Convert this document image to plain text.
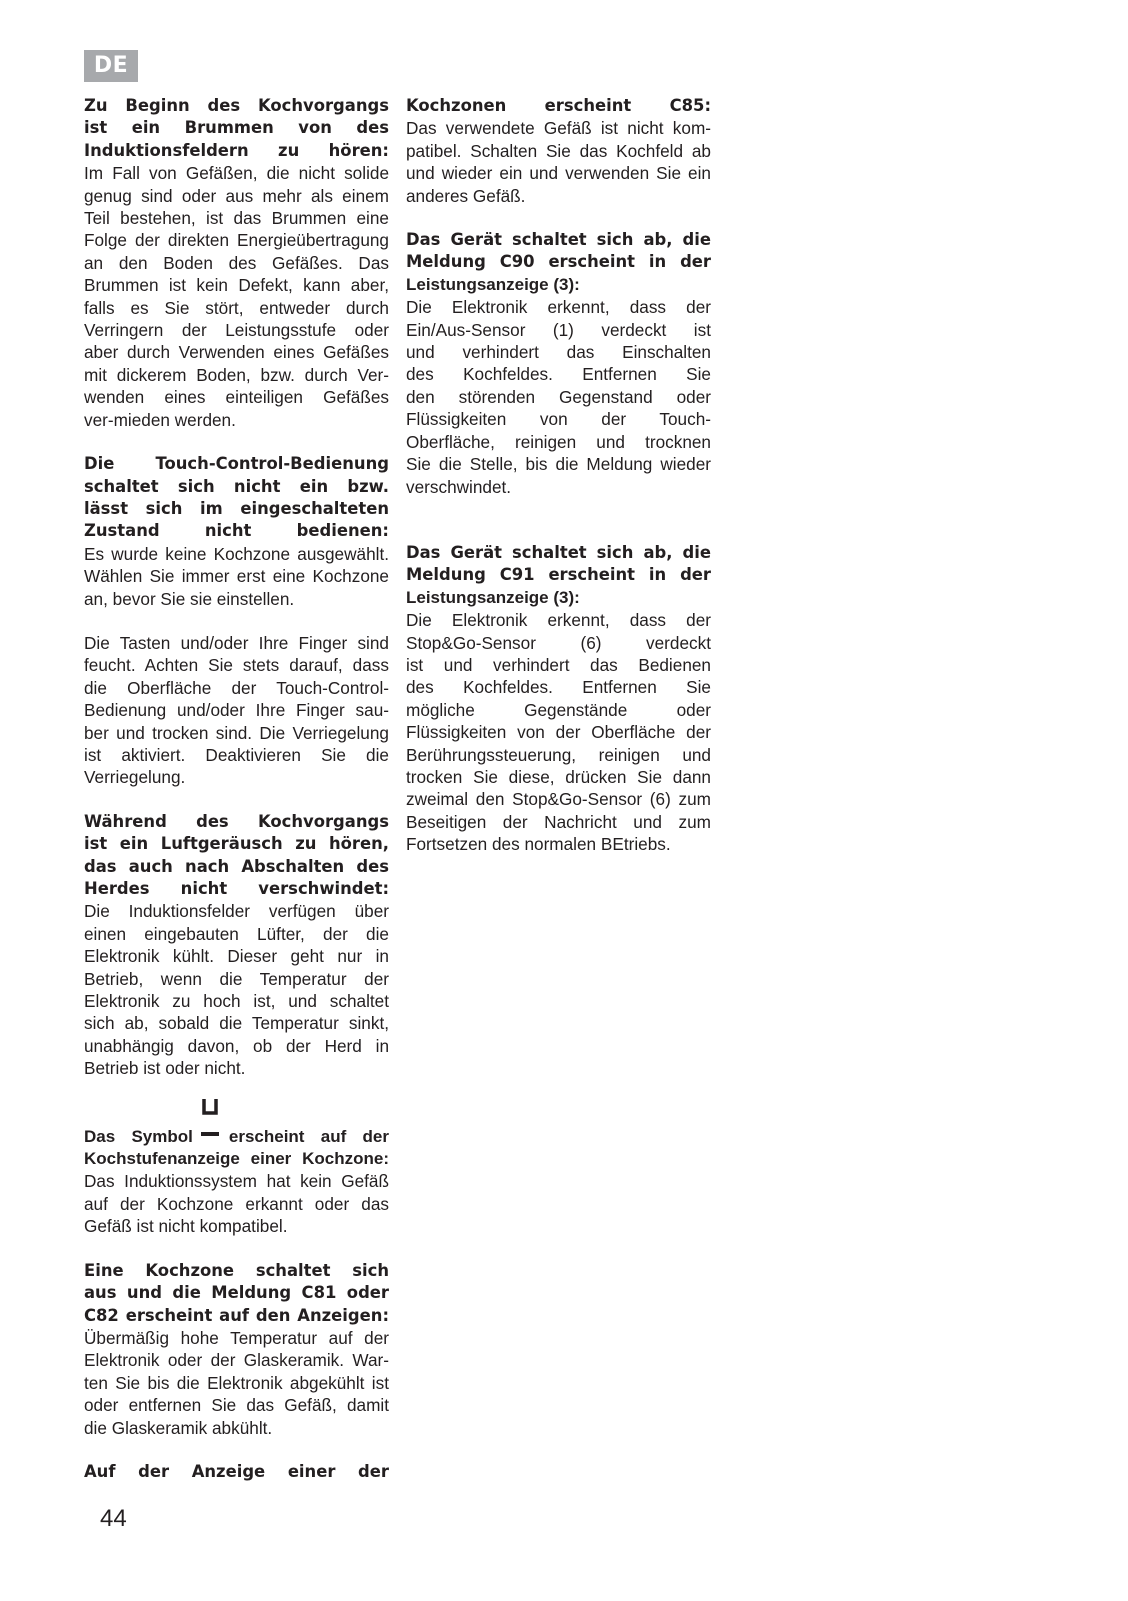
DE
Zu Beginn des Kochvorgangs
ist ein Brummen von des
Induktionsfeldern zu hören:
Im Fall von Gefäßen, die nicht solide
genug sind oder aus mehr als einem
Teil bestehen, ist das Brummen eine
Folge der direkten Energieübertragung
an den Boden des Gefäßes. Das
Brummen ist kein Defekt, kann aber,
falls es Sie stört, entweder durch
Verringern der Leistungsstufe oder
aber durch Verwenden eines Gefäßes
mit dickerem Boden, bzw. durch Ver-
wenden eines einteiligen Gefäßes
ver-mieden werden.
Die Touch-Control-Bedienung
schaltet sich nicht ein bzw.
lässt sich im eingeschalteten
Zustand nicht bedienen:
Es wurde keine Kochzone ausgewählt.
Wählen Sie immer erst eine Kochzone
an, bevor Sie sie einstellen.
Die Tasten und/oder Ihre Finger sind
feucht. Achten Sie stets darauf, dass
die Oberfläche der Touch-Control-
Bedienung und/oder Ihre Finger sau-
ber und trocken sind. Die Verriegelung
ist aktiviert. Deaktivieren Sie die
Verriegelung.
Während des Kochvorgangs
ist ein Luftgeräusch zu hören,
das auch nach Abschalten des
Herdes nicht verschwindet:
Die Induktionsfelder verfügen über
einen eingebauten Lüfter, der die
Elektronik kühlt. Dieser geht nur in
Betrieb, wenn die Temperatur der
Elektronik zu hoch ist, und schaltet
sich ab, sobald die Temperatur sinkt,
unabhängig davon, ob der Herd in
Betrieb ist oder nicht.
Das Symbol erscheint auf der
Kochstufenanzeige einer Kochzone:
Das Induktionssystem hat kein Gefäß
auf der Kochzone erkannt oder das
Gefäß ist nicht kompatibel.
Eine Kochzone schaltet sich
aus und die Meldung C81 oder
C82 erscheint auf den Anzeigen:
Übermäßig hohe Temperatur auf der
Elektronik oder der Glaskeramik. War-
ten Sie bis die Elektronik abgekühlt ist
oder entfernen Sie das Gefäß, damit
die Glaskeramik abkühlt.
Auf der Anzeige einer der
Kochzonen erscheint C85:
Das verwendete Gefäß ist nicht kom-
patibel. Schalten Sie das Kochfeld ab
und wieder ein und verwenden Sie ein
anderes Gefäß.
Das Gerät schaltet sich ab, die
Meldung C90 erscheint in der
Leistungsanzeige (3):
Die Elektronik erkennt, dass der
Ein/Aus-Sensor (1) verdeckt ist
und verhindert das Einschalten
des Kochfeldes. Entfernen Sie
den störenden Gegenstand oder
Flüssigkeiten von der Touch-
Oberfläche, reinigen und trocknen
Sie die Stelle, bis die Meldung wieder
verschwindet.
Das Gerät schaltet sich ab, die
Meldung C91 erscheint in der
Leistungsanzeige (3):
Die Elektronik erkennt, dass der
Stop&Go-Sensor (6) verdeckt
ist und verhindert das Bedienen
des Kochfeldes. Entfernen Sie
mögliche Gegenstände oder
Flüssigkeiten von der Oberfläche der
Berührungssteuerung, reinigen und
trocken Sie diese, drücken Sie dann
zweimal den Stop&Go-Sensor (6) zum
Beseitigen der Nachricht und zum
Fortsetzen des normalen BEtriebs.
44
